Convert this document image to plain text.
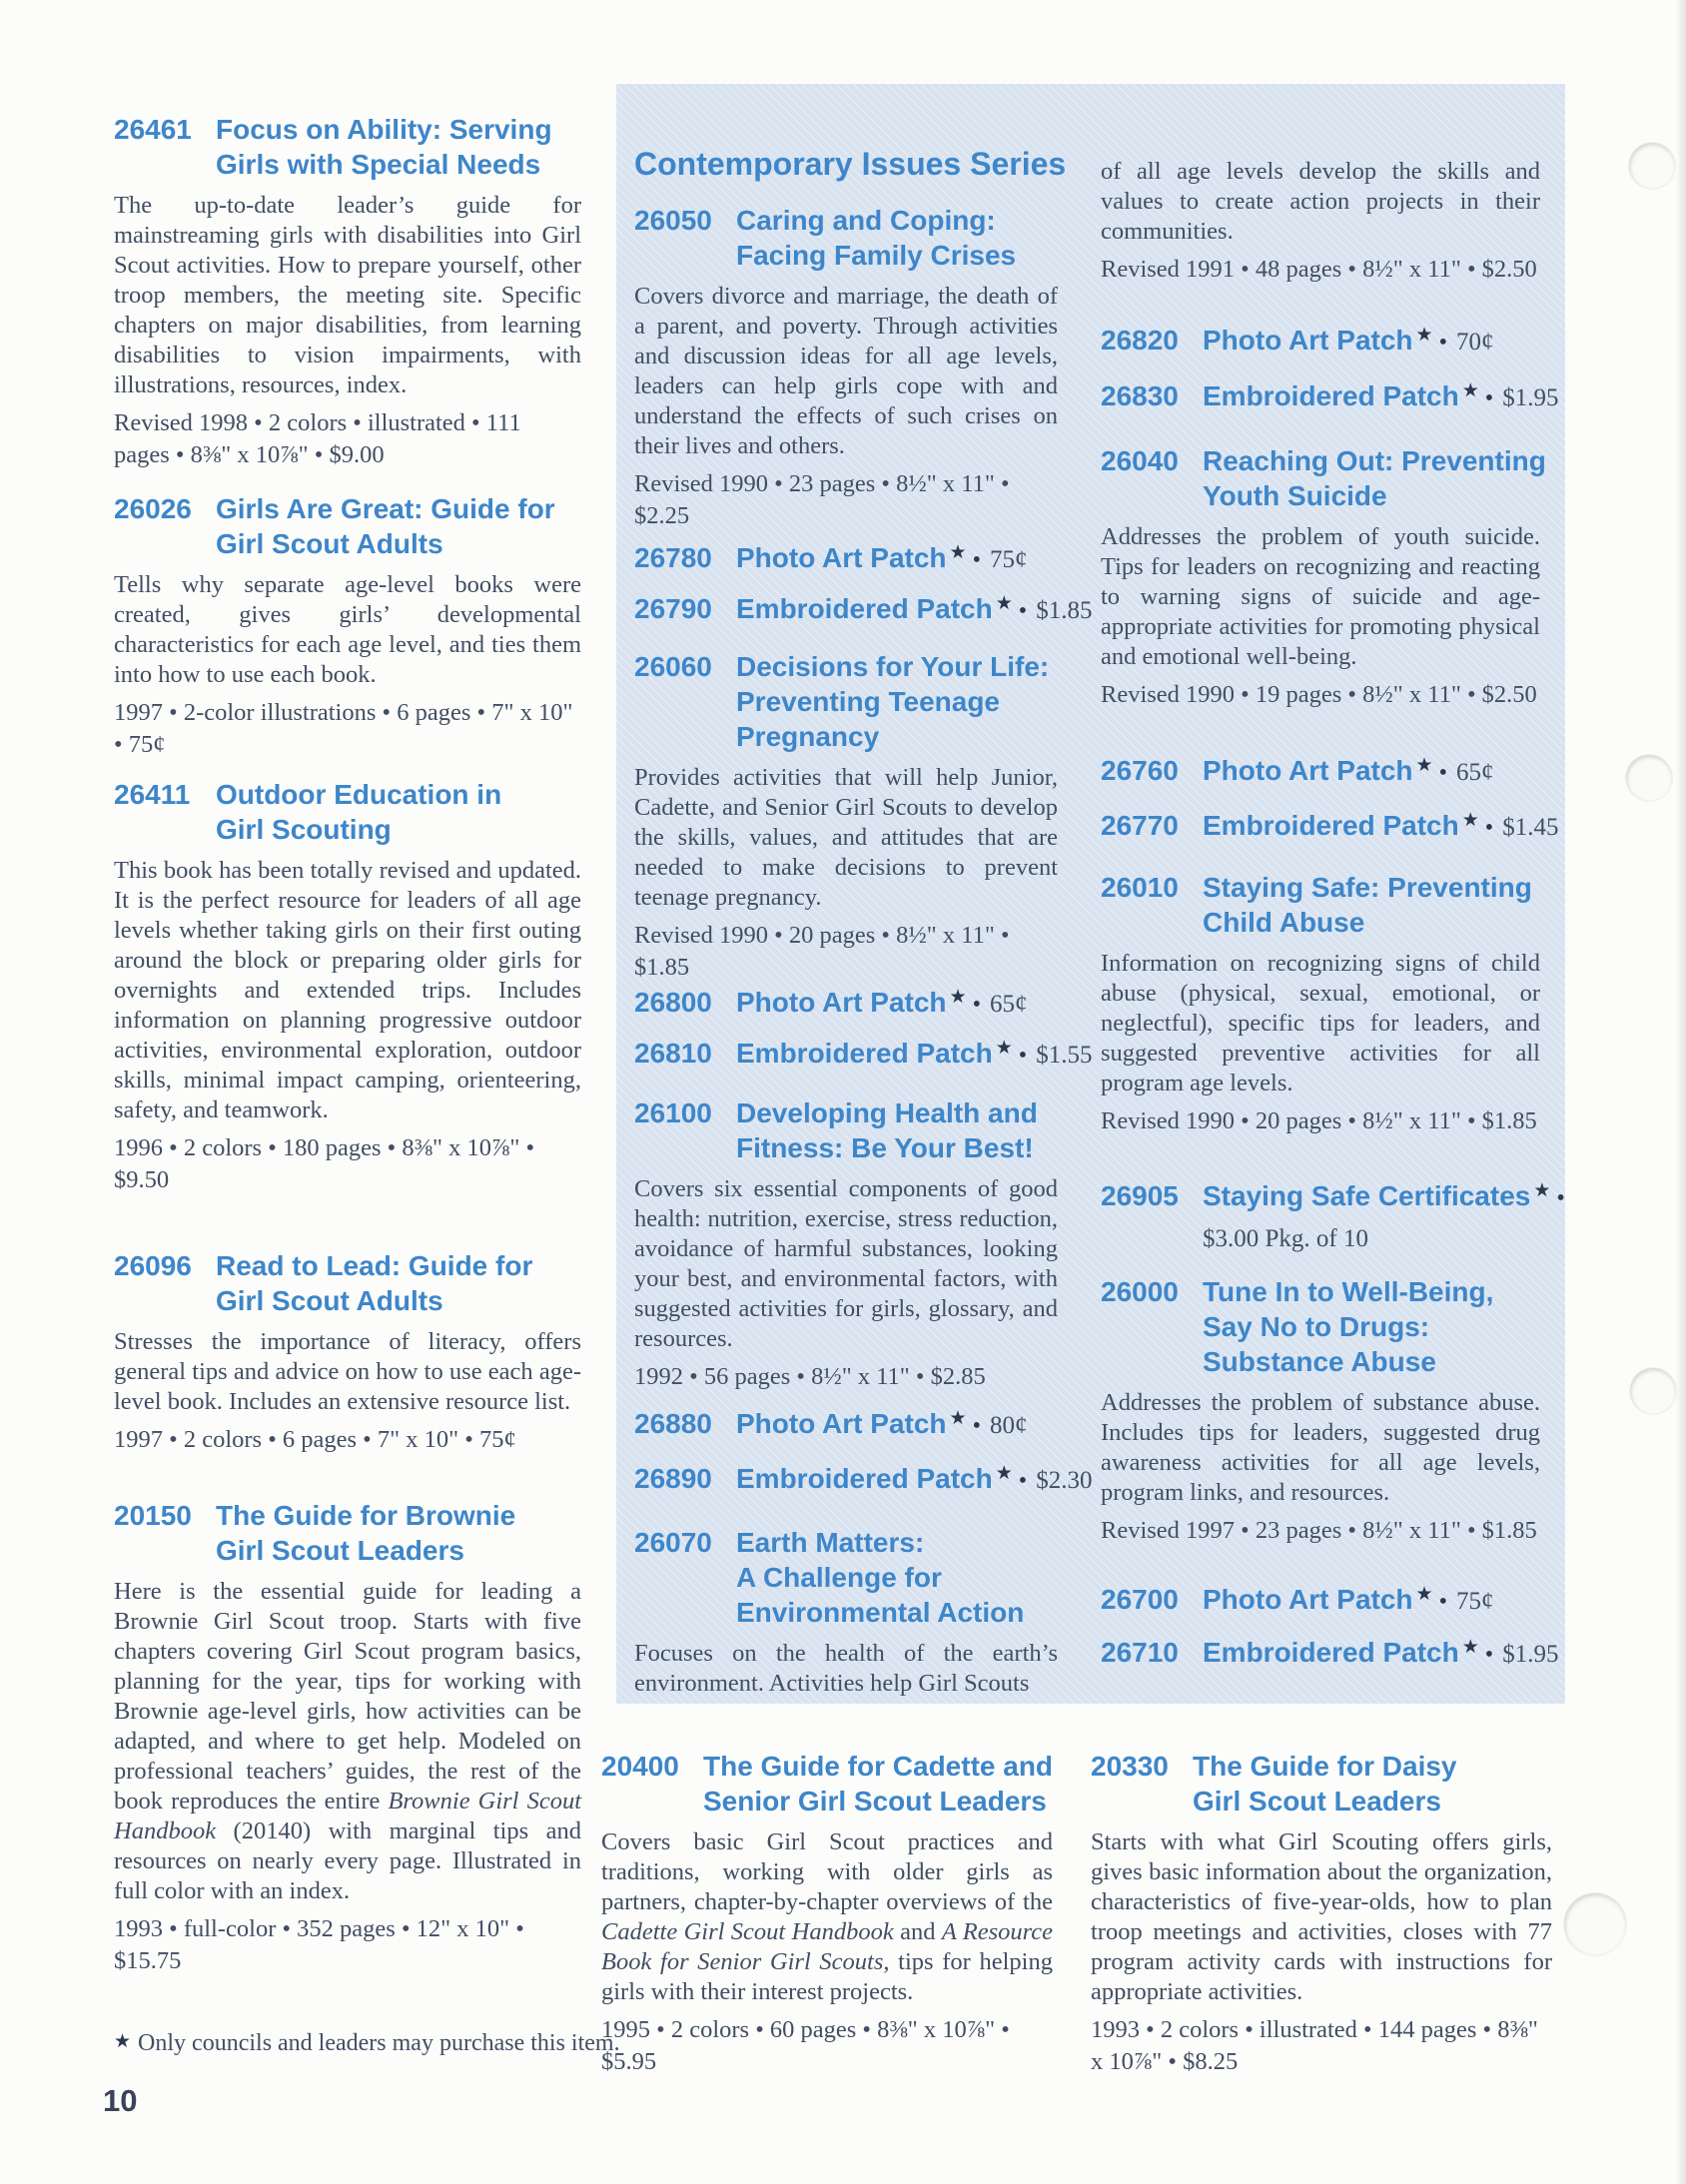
Contemporary Issues Series
26461 Focus on Ability: Serving
Girls with Special Needs

The up-to-date leader’s guide for mainstreaming girls with disabilities into Girl Scout activities. How to prepare yourself, other troop members, the meeting site. Specific chapters on major disabilities, from learning disabilities to vision impairments, with illustrations, resources, index.

Revised 1998 • 2 colors • illustrated • 111 pages • 8⅜" x 10⅞" • $9.00

26026 Girls Are Great: Guide for
Girl Scout Adults

Tells why separate age-level books were created, gives girls’ developmental characteristics for each age level, and ties them into how to use each book.

1997 • 2-color illustrations • 6 pages • 7" x 10" • 75¢

26411 Outdoor Education in
Girl Scouting

This book has been totally revised and updated. It is the perfect resource for leaders of all age levels whether taking girls on their first outing around the block or preparing older girls for overnights and extended trips. Includes information on planning progressive outdoor activities, environmental exploration, outdoor skills, minimal impact camping, orienteering, safety, and teamwork.

1996 • 2 colors • 180 pages • 8⅜" x 10⅞" • $9.50

26096 Read to Lead: Guide for
Girl Scout Adults

Stresses the importance of literacy, offers general tips and advice on how to use each age-level book. Includes an extensive resource list.

1997 • 2 colors • 6 pages • 7" x 10" • 75¢

20150 The Guide for Brownie
Girl Scout Leaders

Here is the essential guide for leading a Brownie Girl Scout troop. Starts with five chapters covering Girl Scout program basics, planning for the year, tips for working with Brownie age-level girls, how activities can be adapted, and where to get help. Modeled on professional teachers’ guides, the rest of the book reproduces the entire Brownie Girl Scout Handbook (20140) with marginal tips and resources on nearly every page. Illustrated in full color with an index.

1993 • full-color • 352 pages • 12" x 10" • $15.75

26050 Caring and Coping:
Facing Family Crises

Covers divorce and marriage, the death of a parent, and poverty. Through activities and discussion ideas for all age levels, leaders can help girls cope with and understand the effects of such crises on their lives and others.

Revised 1990 • 23 pages • 8½" x 11" • $2.25

26780 Photo Art Patch ★ • 75¢
26790 Embroidered Patch ★ • $1.85
26060 Decisions for Your Life:
Preventing Teenage
Pregnancy

Provides activities that will help Junior, Cadette, and Senior Girl Scouts to develop the skills, values, and attitudes that are needed to make decisions to prevent teenage pregnancy.

Revised 1990 • 20 pages • 8½" x 11" • $1.85

26800 Photo Art Patch ★ • 65¢
26810 Embroidered Patch ★ • $1.55
26100 Developing Health and
Fitness: Be Your Best!

Covers six essential components of good health: nutrition, exercise, stress reduction, avoidance of harmful substances, looking your best, and environmental factors, with suggested activities for girls, glossary, and resources.

1992 • 56 pages • 8½" x 11" • $2.85

26880 Photo Art Patch ★ • 80¢
26890 Embroidered Patch ★ • $2.30
26070 Earth Matters:
A Challenge for
Environmental Action

Focuses on the health of the earth’s environment. Activities help Girl Scouts

of all age levels develop the skills and values to create action projects in their communities.

Revised 1991 • 48 pages • 8½" x 11" • $2.50

26820 Photo Art Patch ★ • 70¢
26830 Embroidered Patch ★ • $1.95
26040 Reaching Out: Preventing
Youth Suicide

Addresses the problem of youth suicide. Tips for leaders on recognizing and reacting to warning signs of suicide and age-appropriate activities for promoting physical and emotional well-being.

Revised 1990 • 19 pages • 8½" x 11" • $2.50

26760 Photo Art Patch ★ • 65¢
26770 Embroidered Patch ★ • $1.45
26010 Staying Safe: Preventing
Child Abuse

Information on recognizing signs of child abuse (physical, sexual, emotional, or neglectful), specific tips for leaders, and suggested preventive activities for all program age levels.

Revised 1990 • 20 pages • 8½" x 11" • $1.85

26905 Staying Safe Certificates ★ •
$3.00 Pkg. of 10
26000 Tune In to Well-Being,
Say No to Drugs:
Substance Abuse

Addresses the problem of substance abuse. Includes tips for leaders, suggested drug awareness activities for all age levels, program links, and resources.

Revised 1997 • 23 pages • 8½" x 11" • $1.85

26700 Photo Art Patch ★ • 75¢
26710 Embroidered Patch ★ • $1.95
20400 The Guide for Cadette and
Senior Girl Scout Leaders

Covers basic Girl Scout practices and traditions, working with older girls as partners, chapter-by-chapter overviews of the Cadette Girl Scout Handbook and A Resource Book for Senior Girl Scouts, tips for helping girls with their interest projects.

1995 • 2 colors • 60 pages • 8⅜" x 10⅞" • $5.95

20330 The Guide for Daisy
Girl Scout Leaders

Starts with what Girl Scouting offers girls, gives basic information about the organization, characteristics of five-year-olds, how to plan troop meetings and activities, closes with 77 program activity cards with instructions for appropriate activities.

1993 • 2 colors • illustrated • 144 pages • 8⅜" x 10⅞" • $8.25

★ Only councils and leaders may purchase this item.
10
